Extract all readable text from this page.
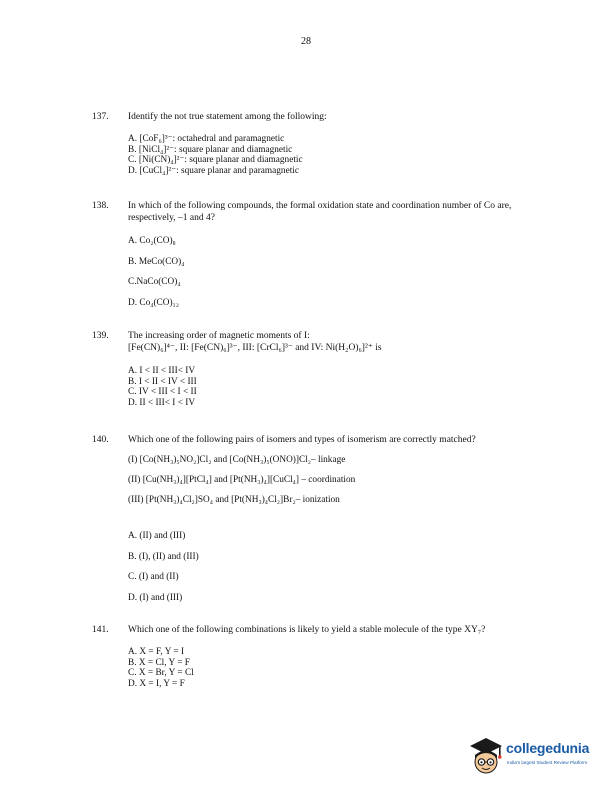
28
137. Identify the not true statement among the following:
A. [CoF₆]³⁻: octahedral and paramagnetic
B. [NiCl₄]²⁻: square planar and diamagnetic
C. [Ni(CN)₄]²⁻: square planar and diamagnetic
D. [CuCl₄]²⁻: square planar and paramagnetic
138. In which of the following compounds, the formal oxidation state and coordination number of Co are, respectively, –1 and 4?
A. Co₂(CO)₈
B. MeCo(CO)₄
C.NaCo(CO)₄
D. Co₄(CO)₁₂
139. The increasing order of magnetic moments of I:
[Fe(CN)₆]⁴⁻, II: [Fe(CN)₆]³⁻, III: [CrCl₆]³⁻ and IV: Ni(H₂O)₆]²⁺ is
A. I < II < III< IV
B. I < II < IV < III
C. IV < III < I < II
D. II < III< I < IV
140. Which one of the following pairs of isomers and types of isomerism are correctly matched?
(I) [Co(NH₃)₅NO₂]Cl₂ and [Co(NH₃)₅(ONO)]Cl₂– linkage
(II) [Cu(NH₃)₄][PtCl₄] and [Pt(NH₃)₄][CuCl₄] – coordination
(III) [Pt(NH₃)₄Cl₂]SO₄ and [Pt(NH₃)₄Cl₂]Br₂– ionization
A. (II) and (III)
B. (I), (II) and (III)
C. (I) and (II)
D. (I) and (III)
141. Which one of the following combinations is likely to yield a stable molecule of the type XY₇?
A. X = F, Y = I
B. X = Cl, Y = F
C. X = Br, Y = Cl
D. X = I, Y = F
collegedunia
India's largest Student Review Platform
